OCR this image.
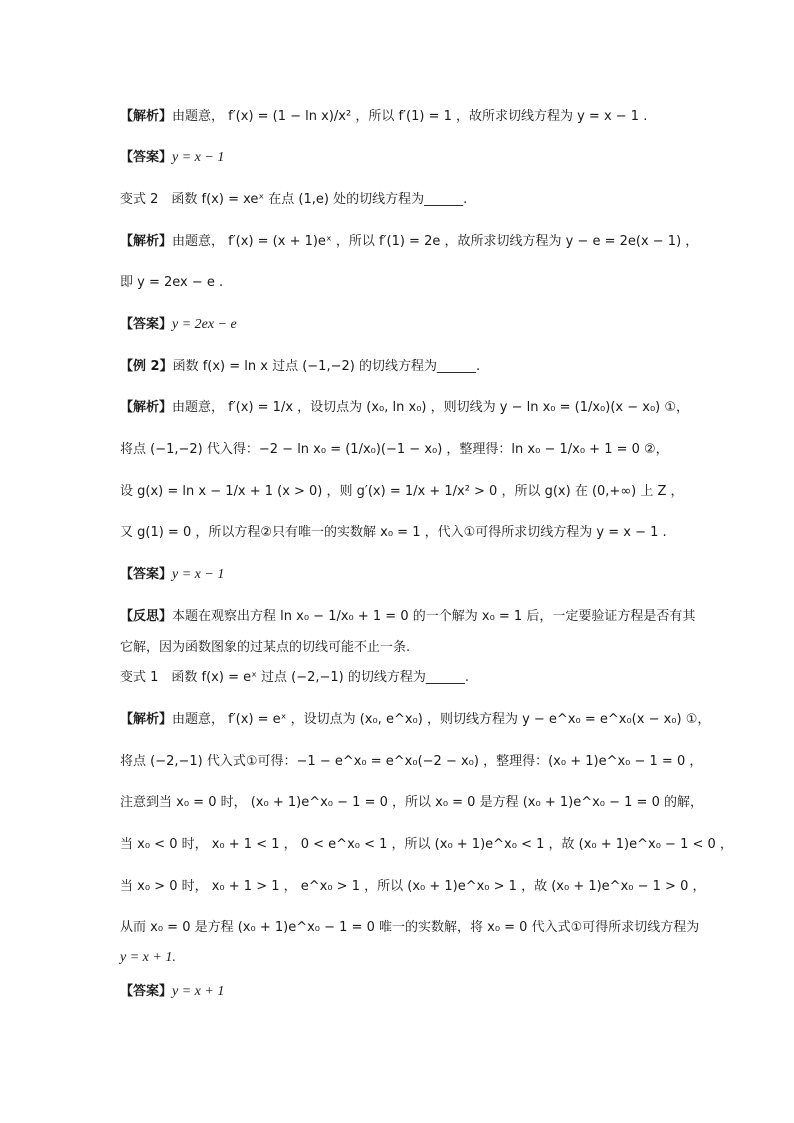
【解析】由题意， f′(x) = (1 − ln x)/x² ，所以 f′(1) = 1 ，故所求切线方程为 y = x − 1 .
【答案】y = x − 1
变式 2　函数 f(x) = xeˣ 在点 (1,e) 处的切线方程为______.
【解析】由题意， f′(x) = (x + 1)eˣ ，所以 f′(1) = 2e ，故所求切线方程为 y − e = 2e(x − 1) ，
即 y = 2ex − e .
【答案】y = 2ex − e
【例 2】函数 f(x) = ln x 过点 (−1,−2) 的切线方程为______.
【解析】由题意， f′(x) = 1/x ，设切点为 (x₀, ln x₀) ，则切线为 y − ln x₀ = (1/x₀)(x − x₀) ①，
将点 (−1,−2) 代入得：−2 − ln x₀ = (1/x₀)(−1 − x₀) ，整理得：ln x₀ − 1/x₀ + 1 = 0 ②，
设 g(x) = ln x − 1/x + 1 (x > 0) ，则 g′(x) = 1/x + 1/x² > 0 ，所以 g(x) 在 (0,+∞) 上 Z ，
又 g(1) = 0 ，所以方程②只有唯一的实数解 x₀ = 1 ，代入①可得所求切线方程为 y = x − 1 .
【答案】y = x − 1
【反思】本题在观察出方程 ln x₀ − 1/x₀ + 1 = 0 的一个解为 x₀ = 1 后，一定要验证方程是否有其
它解，因为函数图象的过某点的切线可能不止一条.
变式 1　函数 f(x) = eˣ 过点 (−2,−1) 的切线方程为______.
【解析】由题意， f′(x) = eˣ ，设切点为 (x₀, e^x₀) ，则切线方程为 y − e^x₀ = e^x₀(x − x₀) ①，
将点 (−2,−1) 代入式①可得：−1 − e^x₀ = e^x₀(−2 − x₀) ，整理得：(x₀ + 1)e^x₀ − 1 = 0 ，
注意到当 x₀ = 0 时， (x₀ + 1)e^x₀ − 1 = 0 ，所以 x₀ = 0 是方程 (x₀ + 1)e^x₀ − 1 = 0 的解，
当 x₀ < 0 时， x₀ + 1 < 1 ， 0 < e^x₀ < 1 ，所以 (x₀ + 1)e^x₀ < 1 ，故 (x₀ + 1)e^x₀ − 1 < 0 ，
当 x₀ > 0 时， x₀ + 1 > 1 ， e^x₀ > 1 ，所以 (x₀ + 1)e^x₀ > 1 ，故 (x₀ + 1)e^x₀ − 1 > 0 ，
从而 x₀ = 0 是方程 (x₀ + 1)e^x₀ − 1 = 0 唯一的实数解，将 x₀ = 0 代入式①可得所求切线方程为
y = x + 1.
【答案】y = x + 1
